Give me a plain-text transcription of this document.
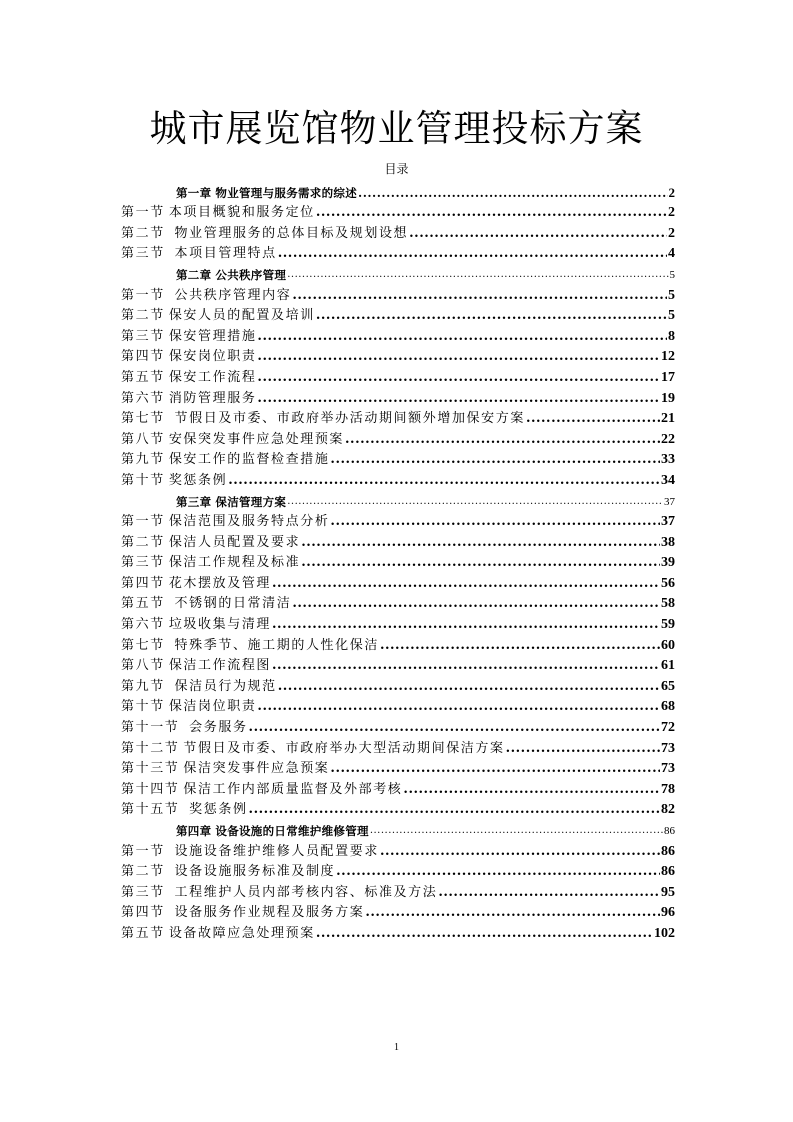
城市展览馆物业管理投标方案
目录
第一章 物业管理与服务需求的综述 .....	2
第一节 本项目概貌和服务定位 .....	2
第二节 物业管理服务的总体目标及规划设想 .....	2
第三节 本项目管理特点 .....	4
第二章 公共秩序管理 .....	5
第一节 公共秩序管理内容 .....	5
第二节 保安人员的配置及培训 .....	5
第三节 保安管理措施 .....	8
第四节 保安岗位职责 .....	12
第五节 保安工作流程 .....	17
第六节 消防管理服务 .....	19
第七节 节假日及市委、市政府举办活动期间额外增加保安方案 .....	21
第八节 安保突发事件应急处理预案 .....	22
第九节 保安工作的监督检查措施 .....	33
第十节 奖惩条例 .....	34
第三章 保洁管理方案 .....	37
第一节 保洁范围及服务特点分析 .....	37
第二节 保洁人员配置及要求 .....	38
第三节 保洁工作规程及标准 .....	39
第四节 花木摆放及管理 .....	56
第五节 不锈钢的日常清洁 .....	58
第六节 垃圾收集与清理 .....	59
第七节 特殊季节、施工期的人性化保洁 .....	60
第八节 保洁工作流程图 .....	61
第九节 保洁员行为规范 .....	65
第十节 保洁岗位职责 .....	68
第十一节 会务服务 .....	72
第十二节 节假日及市委、市政府举办大型活动期间保洁方案 .....	73
第十三节 保洁突发事件应急预案 .....	73
第十四节 保洁工作内部质量监督及外部考核 .....	78
第十五节 奖惩条例 .....	82
第四章 设备设施的日常维护维修管理 .....	86
第一节 设施设备维护维修人员配置要求 .....	86
第二节 设备设施服务标准及制度 .....	86
第三节 工程维护人员内部考核内容、标准及方法 .....	95
第四节 设备服务作业规程及服务方案 .....	96
第五节 设备故障应急处理预案 .....	102
1
